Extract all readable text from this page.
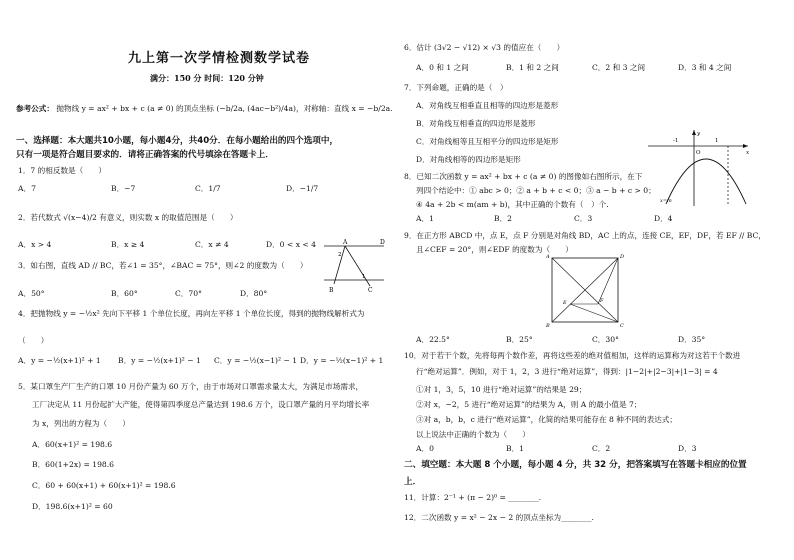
九上第一次学情检测数学试卷
满分：150 分 时间：120 分钟
参考公式： 抛物线 y = ax² + bx + c (a ≠ 0) 的顶点坐标 (−b/2a, (4ac−b²)/4a)，对称轴：直线 x = −b/2a.
一、选择题：本大题共10小题，每小题4分，共40分．在每小题给出的四个选项中，
只有一项是符合题目要求的．请将正确答案的代号填涂在答题卡上．
1．7 的相反数是（　　）
A．7	B．−7	C．1/7	D．−1/7
2．若代数式 √(x−4)/2 有意义，则实数 x 的取值范围是（　　）
A．x > 4	B．x ≥ 4	C．x ≠ 4	D．0 < x < 4
3．如右图，直线 AD // BC，若∠1 = 35°，∠BAC = 75°，则∠2 的度数为（　　）
A．50°	B．60°	C．70°	D．80°
A	D
B	C
1
2
4．把抛物线 y = −½x² 先向下平移 1 个单位长度，再向左平移 1 个单位长度，得到的抛物线解析式为
（　　）
A．y = −½(x+1)² + 1 B．y = −½(x+1)² − 1 C．y = −½(x−1)² − 1 D．y = −½(x−1)² + 1
5．某口罩生产厂生产的口罩 10 月份产量为 60 万个，由于市场对口罩需求量太大，为满足市场需求，
工厂决定从 11 月份起扩大产能，使得第四季度总产量达到 198.6 万个，设口罩产量的月平均增长率
为 x，列出的方程为（　　）
A．60(x+1)² = 198.6
B．60(1+2x) = 198.6
C．60 + 60(x+1) + 60(x+1)² = 198.6
D．198.6(x+1)² = 60
6．估计 (3√2 − √12) × √3 的值应在（　　）
A．0 和 1 之间	B．1 和 2 之间	C．2 和 3 之间	D．3 和 4 之间
7．下列命题，正确的是（　）
A．对角线互相垂直且相等的四边形是菱形
B．对角线互相垂直的四边形是菱形
C．对角线相等且互相平分的四边形是矩形
D．对角线相等的四边形是矩形
O
-1	1
x
y
x=m
8．已知二次函数 y = ax² + bx + c (a ≠ 0) 的图像如右图所示，在下
列四个结论中：① abc > 0；② a + b + c < 0；③ a − b + c > 0；
④ 4a + 2b < m(am + b)，其中正确的个数有（　）个.
A．1	B．2	C．3	D．4
9．在正方形 ABCD 中，点 E，点 F 分别是对角线 BD，AC 上的点，连接 CE，EF，DF，若 EF // BC，
且∠CEF = 20°，则∠EDF 的度数为（　　）
A	D
B	C
E	F
A．22.5°	B．25°	C．30°	D．35°
10．对于若干个数，先将每两个数作差，再将这些差的绝对值相加，这样的运算称为对这若干个数进
行“绝对运算”．例如，对于 1，2，3 进行“绝对运算”，得到：|1−2|+|2−3|+|1−3| = 4
①对 1，3，5，10 进行“绝对运算”的结果是 29；
②对 x，−2，5 进行“绝对运算”的结果为 A，则 A 的最小值是 7；
③对 a，b，b，c 进行“绝对运算”，化简的结果可能存在 8 种不同的表达式；
以上说法中正确的个数为（　　）
A．0	B．1	C．2	D．3
二、填空题：本大题 8 个小题，每小题 4 分，共 32 分，把答案填写在答题卡相应的位置
上．
11．计算：2⁻¹ + (π − 2)⁰ = ________.
12．二次函数 y = x² − 2x − 2 的顶点坐标为________.
